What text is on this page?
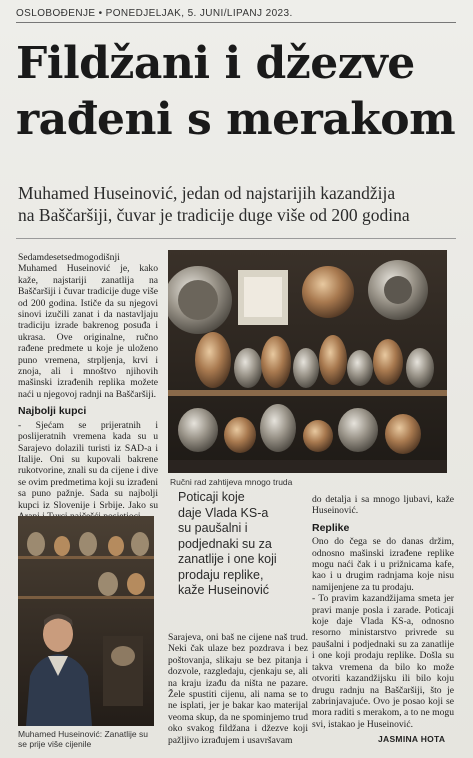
OSLOBOĐENJE • PONEDJELJAK, 5. JUNI/LIPANJ 2023.
Fildžani i džezve
rađeni s merakom
Muhamed Huseinović, jedan od najstarijih kazandžija
na Baščaršiji, čuvar je tradicije duge više od 200 godina

Sedamdesetsedmogodišnji Muhamed Huseinović je, kako kaže, najstariji zanatlija na Baščaršiji i čuvar tradicije duge više od 200 godina. Ističe da su njegovi sinovi izučili zanat i da nastavljaju tradiciju izrade bakrenog posuđa i ukrasa. Ove originalne, ručno rađene predmete u koje je uloženo puno vremena, strpljenja, krvi i znoja, ali i mnoštvo njihovih mašinski izrađenih replika možete naći u njegovoj radnji na Baščaršiji.

Najbolji kupci

- Sjećam se prijeratnih i poslijeratnih vremena kada su u Sarajevo dolazili turisti iz SAD-a i Italije. Oni su kupovali bakrene rukotvorine, znali su da cijene i dive se ovim predmetima koji su izrađeni sa puno pažnje. Sada su najbolji kupci iz Slovenije i Srbije. Jako su

Ručni rad zahtijeva mnogo truda
Poticaji koje
daje Vlada KS-a
su paušalni i
podjednaki su za
zanatlije i one koji
prodaju replike,
kaže Huseinović

Sarajeva, oni baš ne cijene naš trud. Neki čak ulaze bez pozdrava i bez poštovanja, slikaju se bez pitanja i dozvole, razgledaju, cjenkaju se, ali na kraju izađu da ništa ne pazare. Žele spustiti cijenu, ali nama se to ne isplati, jer je bakar kao materijal veoma skup, da ne spominjemo trud oko svakog fildžana i džezve koji pažljivo izrađujem i usavršavam

do detalja i sa mnogo ljubavi, kaže Huseinović.

Replike

Ono do čega se do danas držim, odnosno mašinski izrađene replike mogu naći čak i u prižnicama kafe, kao i u drugim radnjama koje nisu namijenjene za tu prodaju.

- To pravim kazandžijama smeta jer pravi manje posla i zarade. Poticaji koje daje Vlada KS-a, odnosno resorno ministarstvo privrede su paušalni i podjednaki su za zanatlije i one koji prodaju replike. Došla su takva vremena da bilo ko može otvoriti kazandžijsku ili bilo koju drugu radnju na Baščaršiji, što je zabrinjavajuće. Ovo je posao koji se mora raditi s merakom, a to ne mogu svi, istakao je Huseinović.

Muhamed Huseinović: Zanatlije su se prije više cijenile	JASMINA HOTA
